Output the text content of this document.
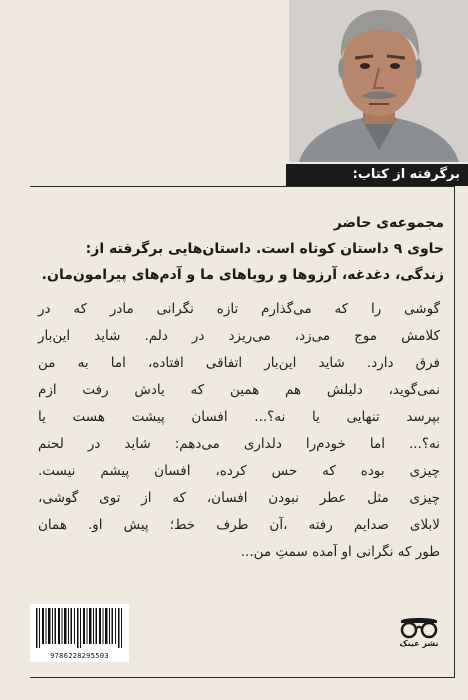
برگرفته از کتاب:
مجموعه‌ی حاضر
حاوی ۹ داستان کوتاه است. داستان‌هایی برگرفته از:
زندگی، دغدغه، آرزوها و رویاهای ما و آدم‌های پیرامون‌مان.
گوشی را که می‌گذارم تازه نگرانی مادر که در
کلامش موج می‌زد، می‌ریزد در دلم. شاید این‌بار
فرق دارد. شاید این‌بار اتفاقی افتاده، اما به من
نمی‌گوید، دلیلش هم همین که یادش رفت ازم
بپرسد تنهایی یا نه؟... افسان پیشت هست یا
نه؟... اما خودم‌را دلداری می‌دهم: شاید در لحنم
چیزی بوده که حس کرده، افسان پیشم نیست.
چیزی مثل عطر نبودن افسان، که از توی گوشی،
لابلای صدایم رفته ،آن طرف خط؛ پیش او. همان
طور که نگرانی او آمده سمتِ من...
9786228295503
نشر عینک
